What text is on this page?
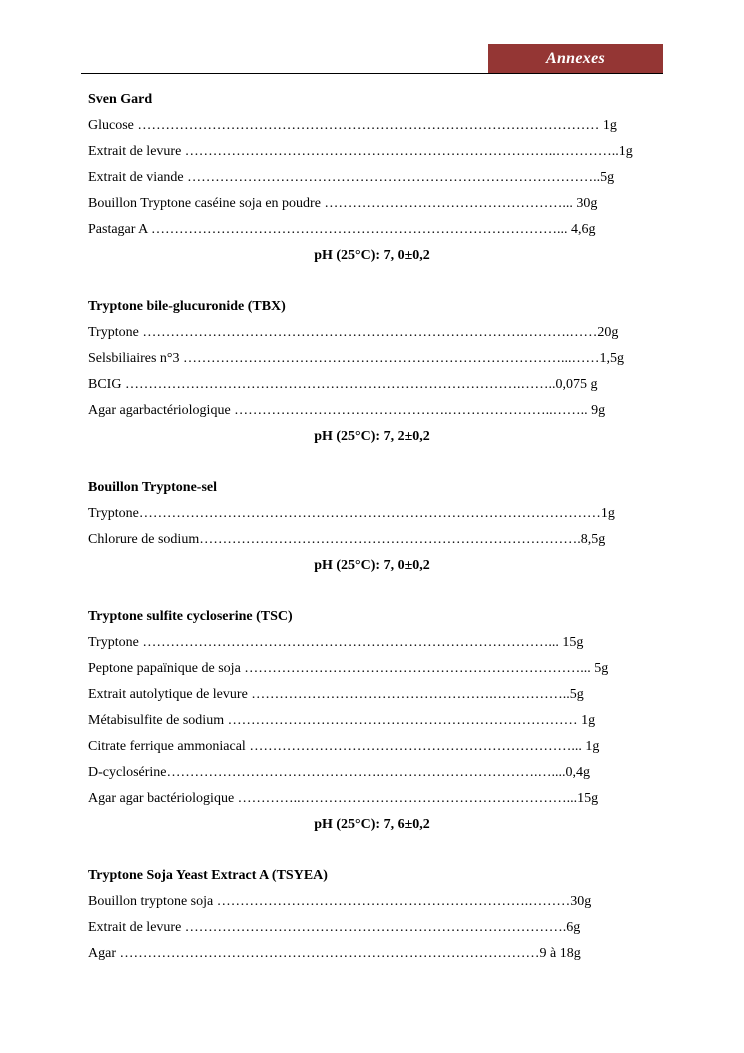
Annexes
Sven Gard
Glucose ……………………………………………………………………………………… 1g
Extrait de levure ……………………………………………………………………..…………..1g
Extrait de viande ……………………………………………………………………………..5g
Bouillon Tryptone caséine soja en poudre ……………………………………………... 30g
Pastagar A ……………………………………………………………………………... 4,6g
pH (25°C): 7, 0±0,2
Tryptone bile-glucuronide (TBX)
Tryptone ……………………………………………………………………….……….……20g
Selsbiliaires n°3 ………………………………………………………………………...……1,5g
BCIG ………………………………………………………………………….……..0,075 g
Agar agarbactériologique ……………………………………….…………………..…….. 9g
pH (25°C): 7, 2±0,2
Bouillon Tryptone-sel
Tryptone………………………………………………………………………………………1g
Chlorure de sodium……………………………………………………………………….8,5g
pH (25°C): 7, 0±0,2
Tryptone sulfite cycloserine (TSC)
Tryptone ……………………………………………………………………………... 15g
Peptone papaïnique de soja ………………………………………………………………... 5g
Extrait autolytique de levure …………………………………………….……………..5g
Métabisulfite de sodium ………………………………………………………………… 1g
Citrate ferrique ammoniacal ……………………………………………………………... 1g
D-cyclosérine……………………………………….…………………………….…....0,4g
Agar agar bactériologique …………..…………………………………………………...15g
pH (25°C): 7, 6±0,2
Tryptone Soja Yeast Extract A (TSYEA)
Bouillon tryptone soja ………………………………………………………….………30g
Extrait de levure ……………………………………………………………………….6g
Agar ………………………………………………………………………………9 à 18g
